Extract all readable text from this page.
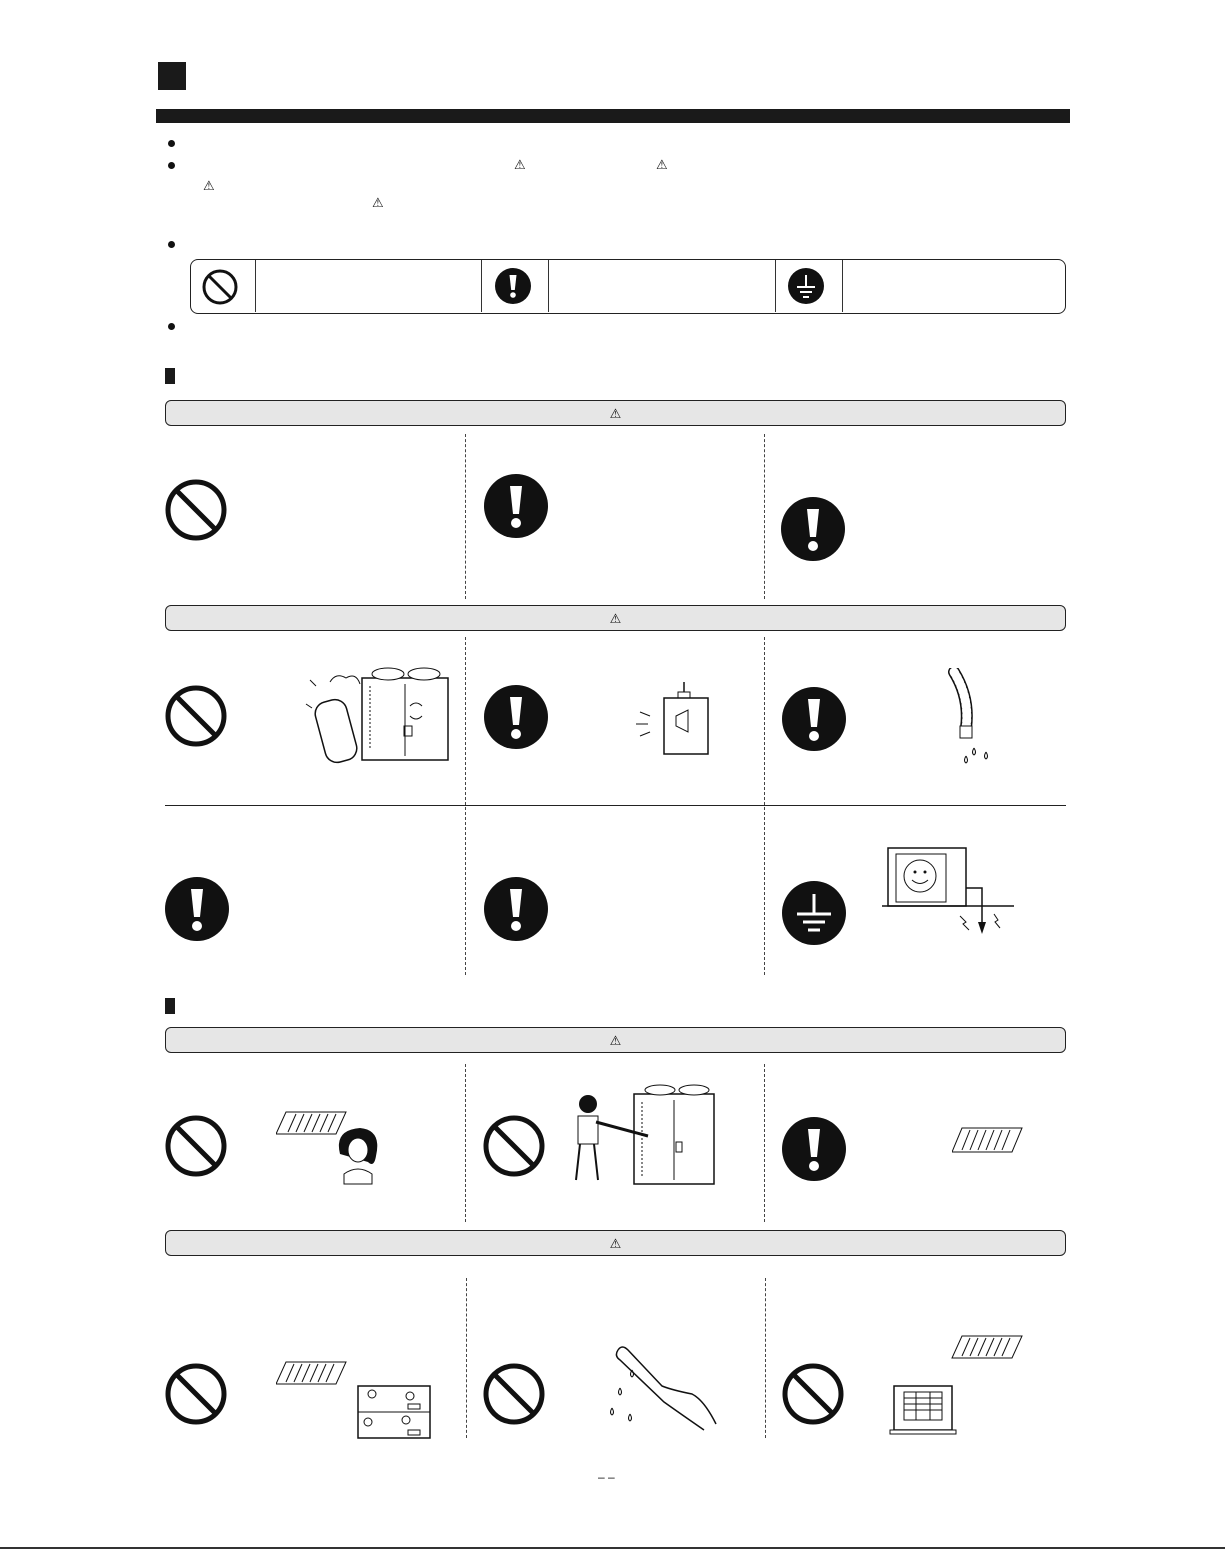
⚠	⚠
⚠
⚠
⚠
⚠
⚠
⚠
– –
